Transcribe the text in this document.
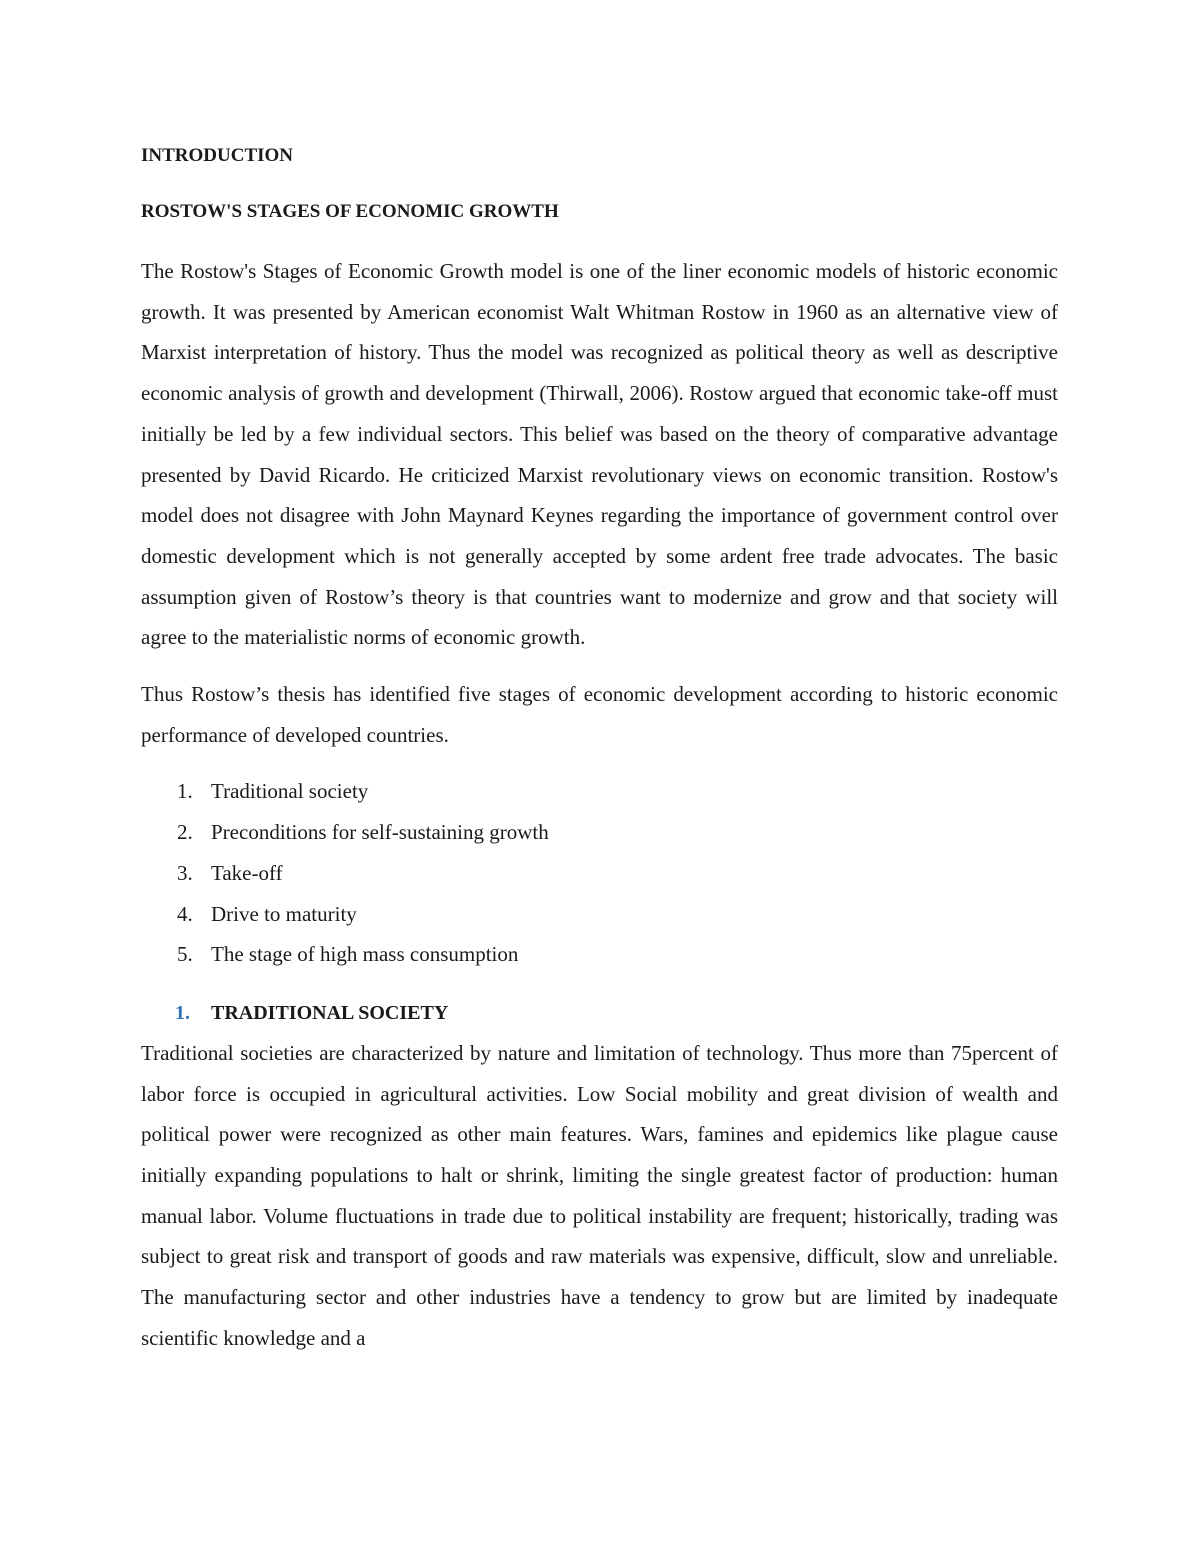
INTRODUCTION
ROSTOW'S STAGES OF ECONOMIC GROWTH

The Rostow's Stages of Economic Growth model is one of the liner economic models of historic economic growth. It was presented by American economist Walt Whitman Rostow in 1960 as an alternative view of Marxist interpretation of history. Thus the model was recognized as political theory as well as descriptive economic analysis of growth and development (Thirwall, 2006). Rostow argued that economic take-off must initially be led by a few individual sectors. This belief was based on the theory of comparative advantage presented by David Ricardo. He criticized Marxist revolutionary views on economic transition. Rostow's model does not disagree with John Maynard Keynes regarding the importance of government control over domestic development which is not generally accepted by some ardent free trade advocates. The basic assumption given of Rostow’s theory is that countries want to modernize and grow and that society will agree to the materialistic norms of economic growth.

Thus Rostow’s thesis has identified five stages of economic development according to historic economic performance of developed countries.

1. Traditional society
2. Preconditions for self-sustaining growth
3. Take-off
4. Drive to maturity
5. The stage of high mass consumption
1.	TRADITIONAL SOCIETY

Traditional societies are characterized by nature and limitation of technology. Thus more than 75percent of labor force is occupied in agricultural activities. Low Social mobility and great division of wealth and political power were recognized as other main features. Wars, famines and epidemics like plague cause initially expanding populations to halt or shrink, limiting the single greatest factor of production: human manual labor. Volume fluctuations in trade due to political instability are frequent; historically, trading was subject to great risk and transport of goods and raw materials was expensive, difficult, slow and unreliable. The manufacturing sector and other industries have a tendency to grow but are limited by inadequate scientific knowledge and a
